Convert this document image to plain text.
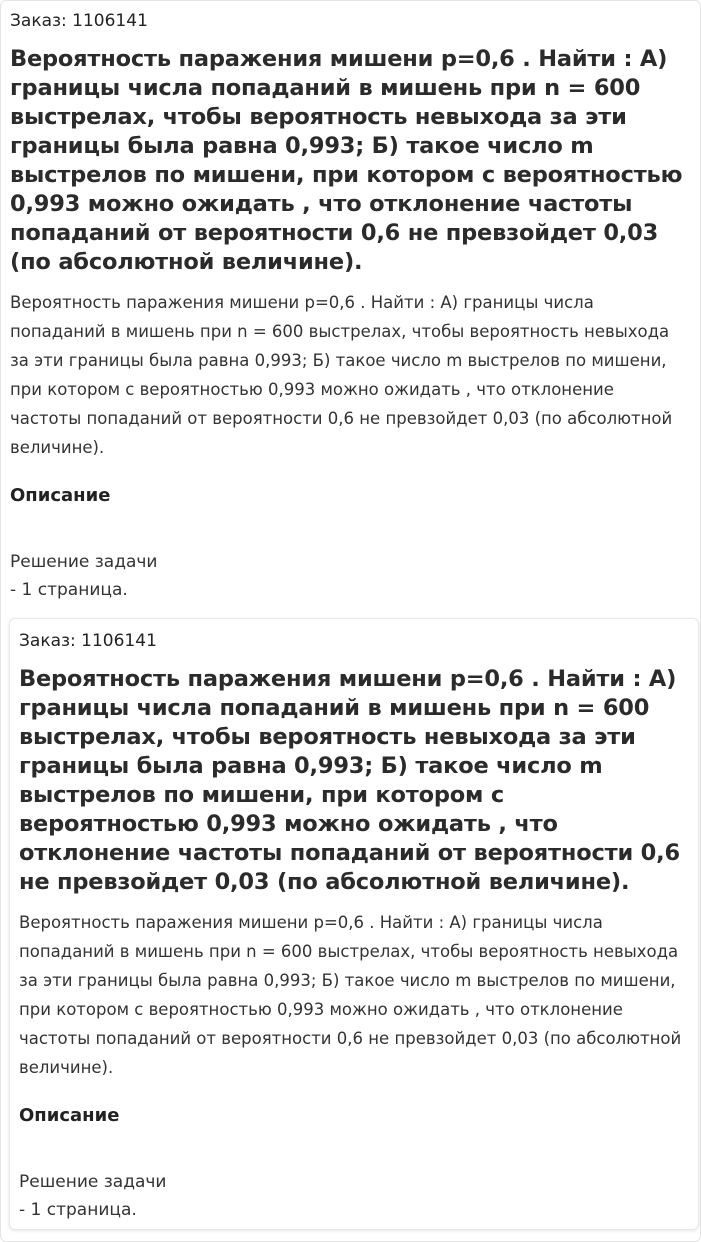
Заказ: 1106141
Вероятность паражения мишени p=0,6 . Найти : А) границы числа попаданий в мишень при n = 600 выстрелах, чтобы вероятность невыхода за эти границы была равна 0,993; Б) такое число m выстрелов по мишени, при котором с вероятностью 0,993 можно ожидать , что отклонение частоты попаданий от вероятности 0,6 не превзойдет 0,03 (по абсолютной величине).
Вероятность паражения мишени p=0,6 . Найти : А) границы числа попаданий в мишень при n = 600 выстрелах, чтобы вероятность невыхода за эти границы была равна 0,993; Б) такое число m выстрелов по мишени, при котором с вероятностью 0,993 можно ожидать , что отклонение частоты попаданий от вероятности 0,6 не превзойдет 0,03 (по абсолютной величине).
Описание
Решение задачи
- 1 страница.
Заказ: 1106141
Вероятность паражения мишени p=0,6 . Найти : А) границы числа попаданий в мишень при n = 600 выстрелах, чтобы вероятность невыхода за эти границы была равна 0,993; Б) такое число m выстрелов по мишени, при котором с вероятностью 0,993 можно ожидать , что отклонение частоты попаданий от вероятности 0,6 не превзойдет 0,03 (по абсолютной величине).
Вероятность паражения мишени p=0,6 . Найти : А) границы числа попаданий в мишень при n = 600 выстрелах, чтобы вероятность невыхода за эти границы была равна 0,993; Б) такое число m выстрелов по мишени, при котором с вероятностью 0,993 можно ожидать , что отклонение частоты попаданий от вероятности 0,6 не превзойдет 0,03 (по абсолютной величине).
Описание
Решение задачи
- 1 страница.
